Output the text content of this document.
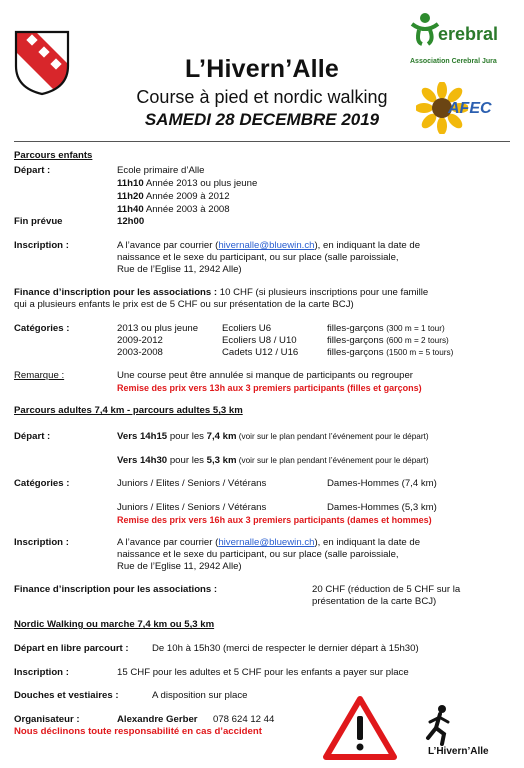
L’Hivern’Alle
Course à pied et nordic walking
SAMEDI 28 DECEMBRE 2019
erebral
Association Cerebral Jura
AFEC
Parcours enfants
Départ :	Ecole primaire d’Alle
11h10 Année 2013 ou plus jeune
11h20 Année 2009 à 2012
11h40 Année 2003 à 2008
Fin prévue	12h00
Inscription :	A l’avance par courrier (hivernalle@bluewin.ch), en indiquant la date de
naissance et le sexe du participant, ou sur place (salle paroissiale,
Rue de l’Eglise 11, 2942 Alle)
Finance d’inscription pour les associations : 10 CHF (si plusieurs inscriptions pour une famille
qui a plusieurs enfants le prix est de 5 CHF ou sur présentation de la carte BCJ)
Catégories :	2013 ou plus jeune Ecoliers U6	filles-garçons (300 m = 1 tour)
2009-2012	Ecoliers U8 / U10	filles-garçons (600 m = 2 tours)
2003-2008	Cadets U12 / U16	filles-garçons (1500 m = 5 tours)
Remarque :	Une course peut être annulée si manque de participants ou regrouper
Remise des prix vers 13h aux 3 premiers participants (filles et garçons)
Parcours adultes 7,4 km - parcours adultes 5,3 km
Départ :	Vers 14h15 pour les 7,4 km (voir sur le plan pendant l’événement pour le départ)
Vers 14h30 pour les 5,3 km (voir sur le plan pendant l’événement pour le départ)
Catégories :	Juniors / Elites / Seniors / Vétérans	Dames-Hommes (7,4 km)
Juniors / Elites / Seniors / Vétérans	Dames-Hommes (5,3 km)
Remise des prix vers 16h aux 3 premiers participants (dames et hommes)
Inscription :	A l’avance par courrier (hivernalle@bluewin.ch), en indiquant la date de
naissance et le sexe du participant, ou sur place (salle paroissiale,
Rue de l’Eglise 11, 2942 Alle)
Finance d’inscription pour les associations :	20 CHF (réduction de 5 CHF sur la
présentation de la carte BCJ)
Nordic Walking ou marche 7,4 km ou 5,3 km
Départ en libre parcourt : De 10h à 15h30 (merci de respecter le dernier départ à 15h30)
Inscription :	15 CHF pour les adultes et 5 CHF pour les enfants a payer sur place
Douches et vestiaires :	A disposition sur place
Organisateur :	Alexandre Gerber 078 624 12 44
Nous déclinons toute responsabilité en cas d’accident
L’Hivern’Alle
